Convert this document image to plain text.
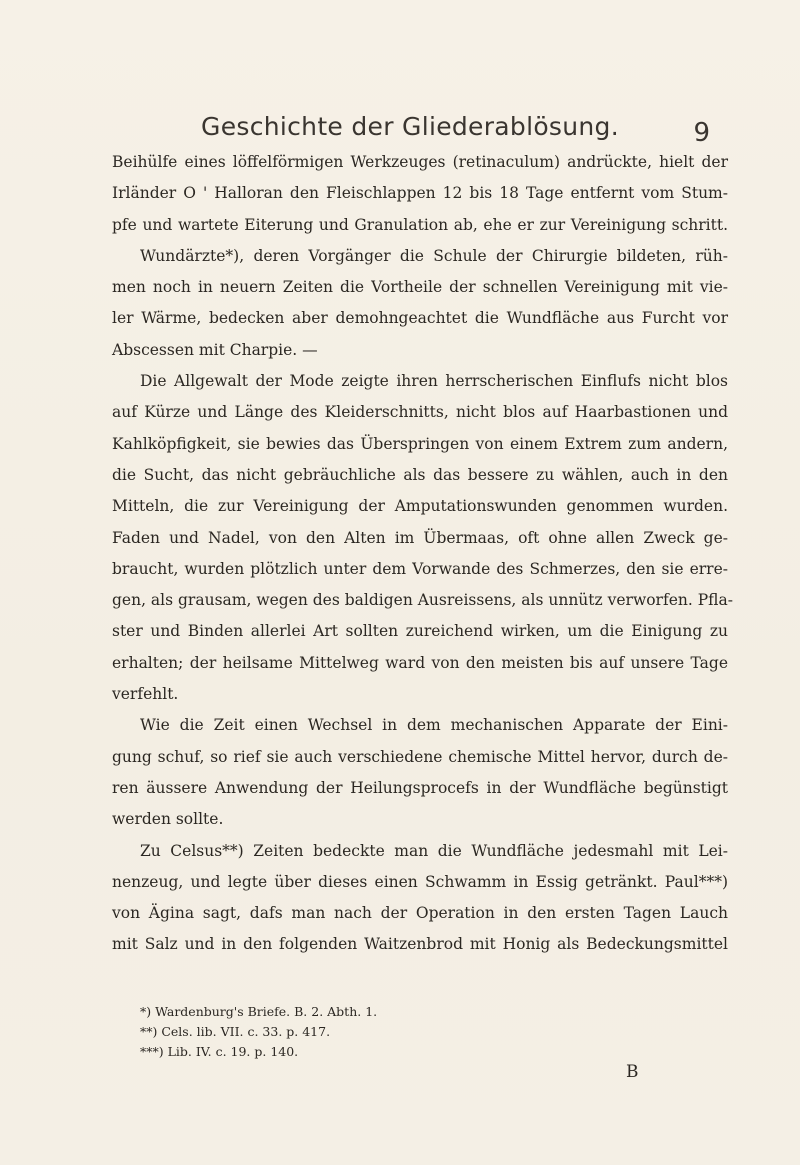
Geschichte der Gliederablösung.	9
Beihülfe eines löffelförmigen Werkzeuges (retinaculum) andrückte, hielt der
Irländer O ' Halloran den Fleischlappen 12 bis 18 Tage entfernt vom Stum-
pfe und wartete Eiterung und Granulation ab, ehe er zur Vereinigung schritt.
Wundärzte*), deren Vorgänger die Schule der Chirurgie bildeten, rüh-
men noch in neuern Zeiten die Vortheile der schnellen Vereinigung mit vie-
ler Wärme, bedecken aber demohngeachtet die Wundfläche aus Furcht vor
Abscessen mit Charpie. —
Die Allgewalt der Mode zeigte ihren herrscherischen Einflufs nicht blos
auf Kürze und Länge des Kleiderschnitts, nicht blos auf Haarbastionen und
Kahlköpfigkeit, sie bewies das Überspringen von einem Extrem zum andern,
die Sucht, das nicht gebräuchliche als das bessere zu wählen, auch in den
Mitteln, die zur Vereinigung der Amputationswunden genommen wurden.
Faden und Nadel, von den Alten im Übermaas, oft ohne allen Zweck ge-
braucht, wurden plötzlich unter dem Vorwande des Schmerzes, den sie erre-
gen, als grausam, wegen des baldigen Ausreissens, als unnütz verworfen. Pfla-
ster und Binden allerlei Art sollten zureichend wirken, um die Einigung zu
erhalten; der heilsame Mittelweg ward von den meisten bis auf unsere Tage
verfehlt.
Wie die Zeit einen Wechsel in dem mechanischen Apparate der Eini-
gung schuf, so rief sie auch verschiedene chemische Mittel hervor, durch de-
ren äussere Anwendung der Heilungsprocefs in der Wundfläche begünstigt
werden sollte.
Zu Celsus**) Zeiten bedeckte man die Wundfläche jedesmahl mit Lei-
nenzeug, und legte über dieses einen Schwamm in Essig getränkt. Paul***)
von Ägina sagt, dafs man nach der Operation in den ersten Tagen Lauch
mit Salz und in den folgenden Waitzenbrod mit Honig als Bedeckungsmittel
*) Wardenburg's Briefe. B. 2. Abth. 1.
**) Cels. lib. VII. c. 33. p. 417.
***) Lib. IV. c. 19. p. 140.
B
